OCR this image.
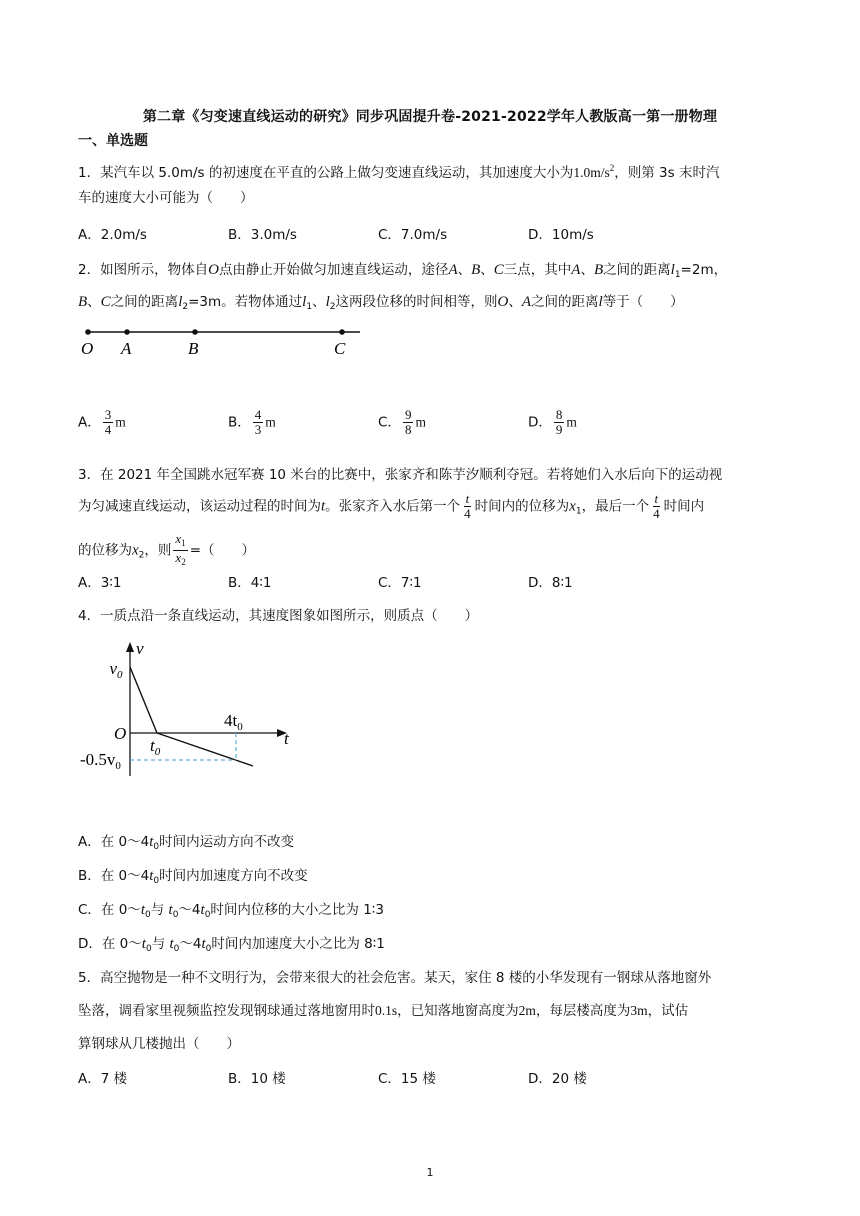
第二章《匀变速直线运动的研究》同步巩固提升卷-2021-2022学年人教版高一第一册物理
一、单选题
1．某汽车以 5.0m/s 的初速度在平直的公路上做匀变速直线运动，其加速度大小为$1.0m/s^2$，则第 3s 末时汽
车的速度大小可能为（　　）
A．2.0m/s	B．3.0m/s	C．7.0m/s	D．10m/s
2．如图所示，物体自O点由静止开始做匀加速直线运动，途径A、B、C三点，其中A、B之间的距离$l_1=2m$，
B、C之间的距离$l_2=3m$。若物体通过$l_1$、$l_2$这两段位移的时间相等，则O、A之间的距离l等于（　　）
O A	B	C
A． $\frac{3}{4}$ m	B． $\frac{4}{3}$ m	C． $\frac{9}{8}$ m	D． $\frac{8}{9}$ m
3．在 2021 年全国跳水冠军赛 10 米台的比赛中，张家齐和陈芋汐顺利夺冠。若将她们入水后向下的运动视
为匀减速直线运动，该运动过程的时间为t。张家齐入水后第一个 $\frac{t}{4}$ 时间内的位移为$x_1$，最后一个 $\frac{t}{4}$ 时间内
的位移为$x_2$，则 $\frac{x_1}{x_2}$ =（　　）
A．3∶1	B．4∶1	C．7∶1	D．8∶1
4．一质点沿一条直线运动，其速度图象如图所示，则质点（　　）
v
$v_0$
O
$t_0$
$4t_0$
t
$-0.5v_0$
A．在 $0\sim 4t_0$时间内运动方向不改变
B．在 $0\sim 4t_0$时间内加速度方向不改变
C．在 $0\sim t_0$与 $t_0\sim 4t_0$时间内位移的大小之比为 1∶3
D．在 $0\sim t_0$与 $t_0\sim 4t_0$时间内加速度大小之比为 8∶1
5．高空抛物是一种不文明行为，会带来很大的社会危害。某天，家住 8 楼的小华发现有一钢球从落地窗外
坠落，调看家里视频监控发现钢球通过落地窗用时0.1s，已知落地窗高度为2m，每层楼高度为3m，试估
算钢球从几楼抛出（　　）
A．7 楼	B．10 楼	C．15 楼	D．20 楼
1
